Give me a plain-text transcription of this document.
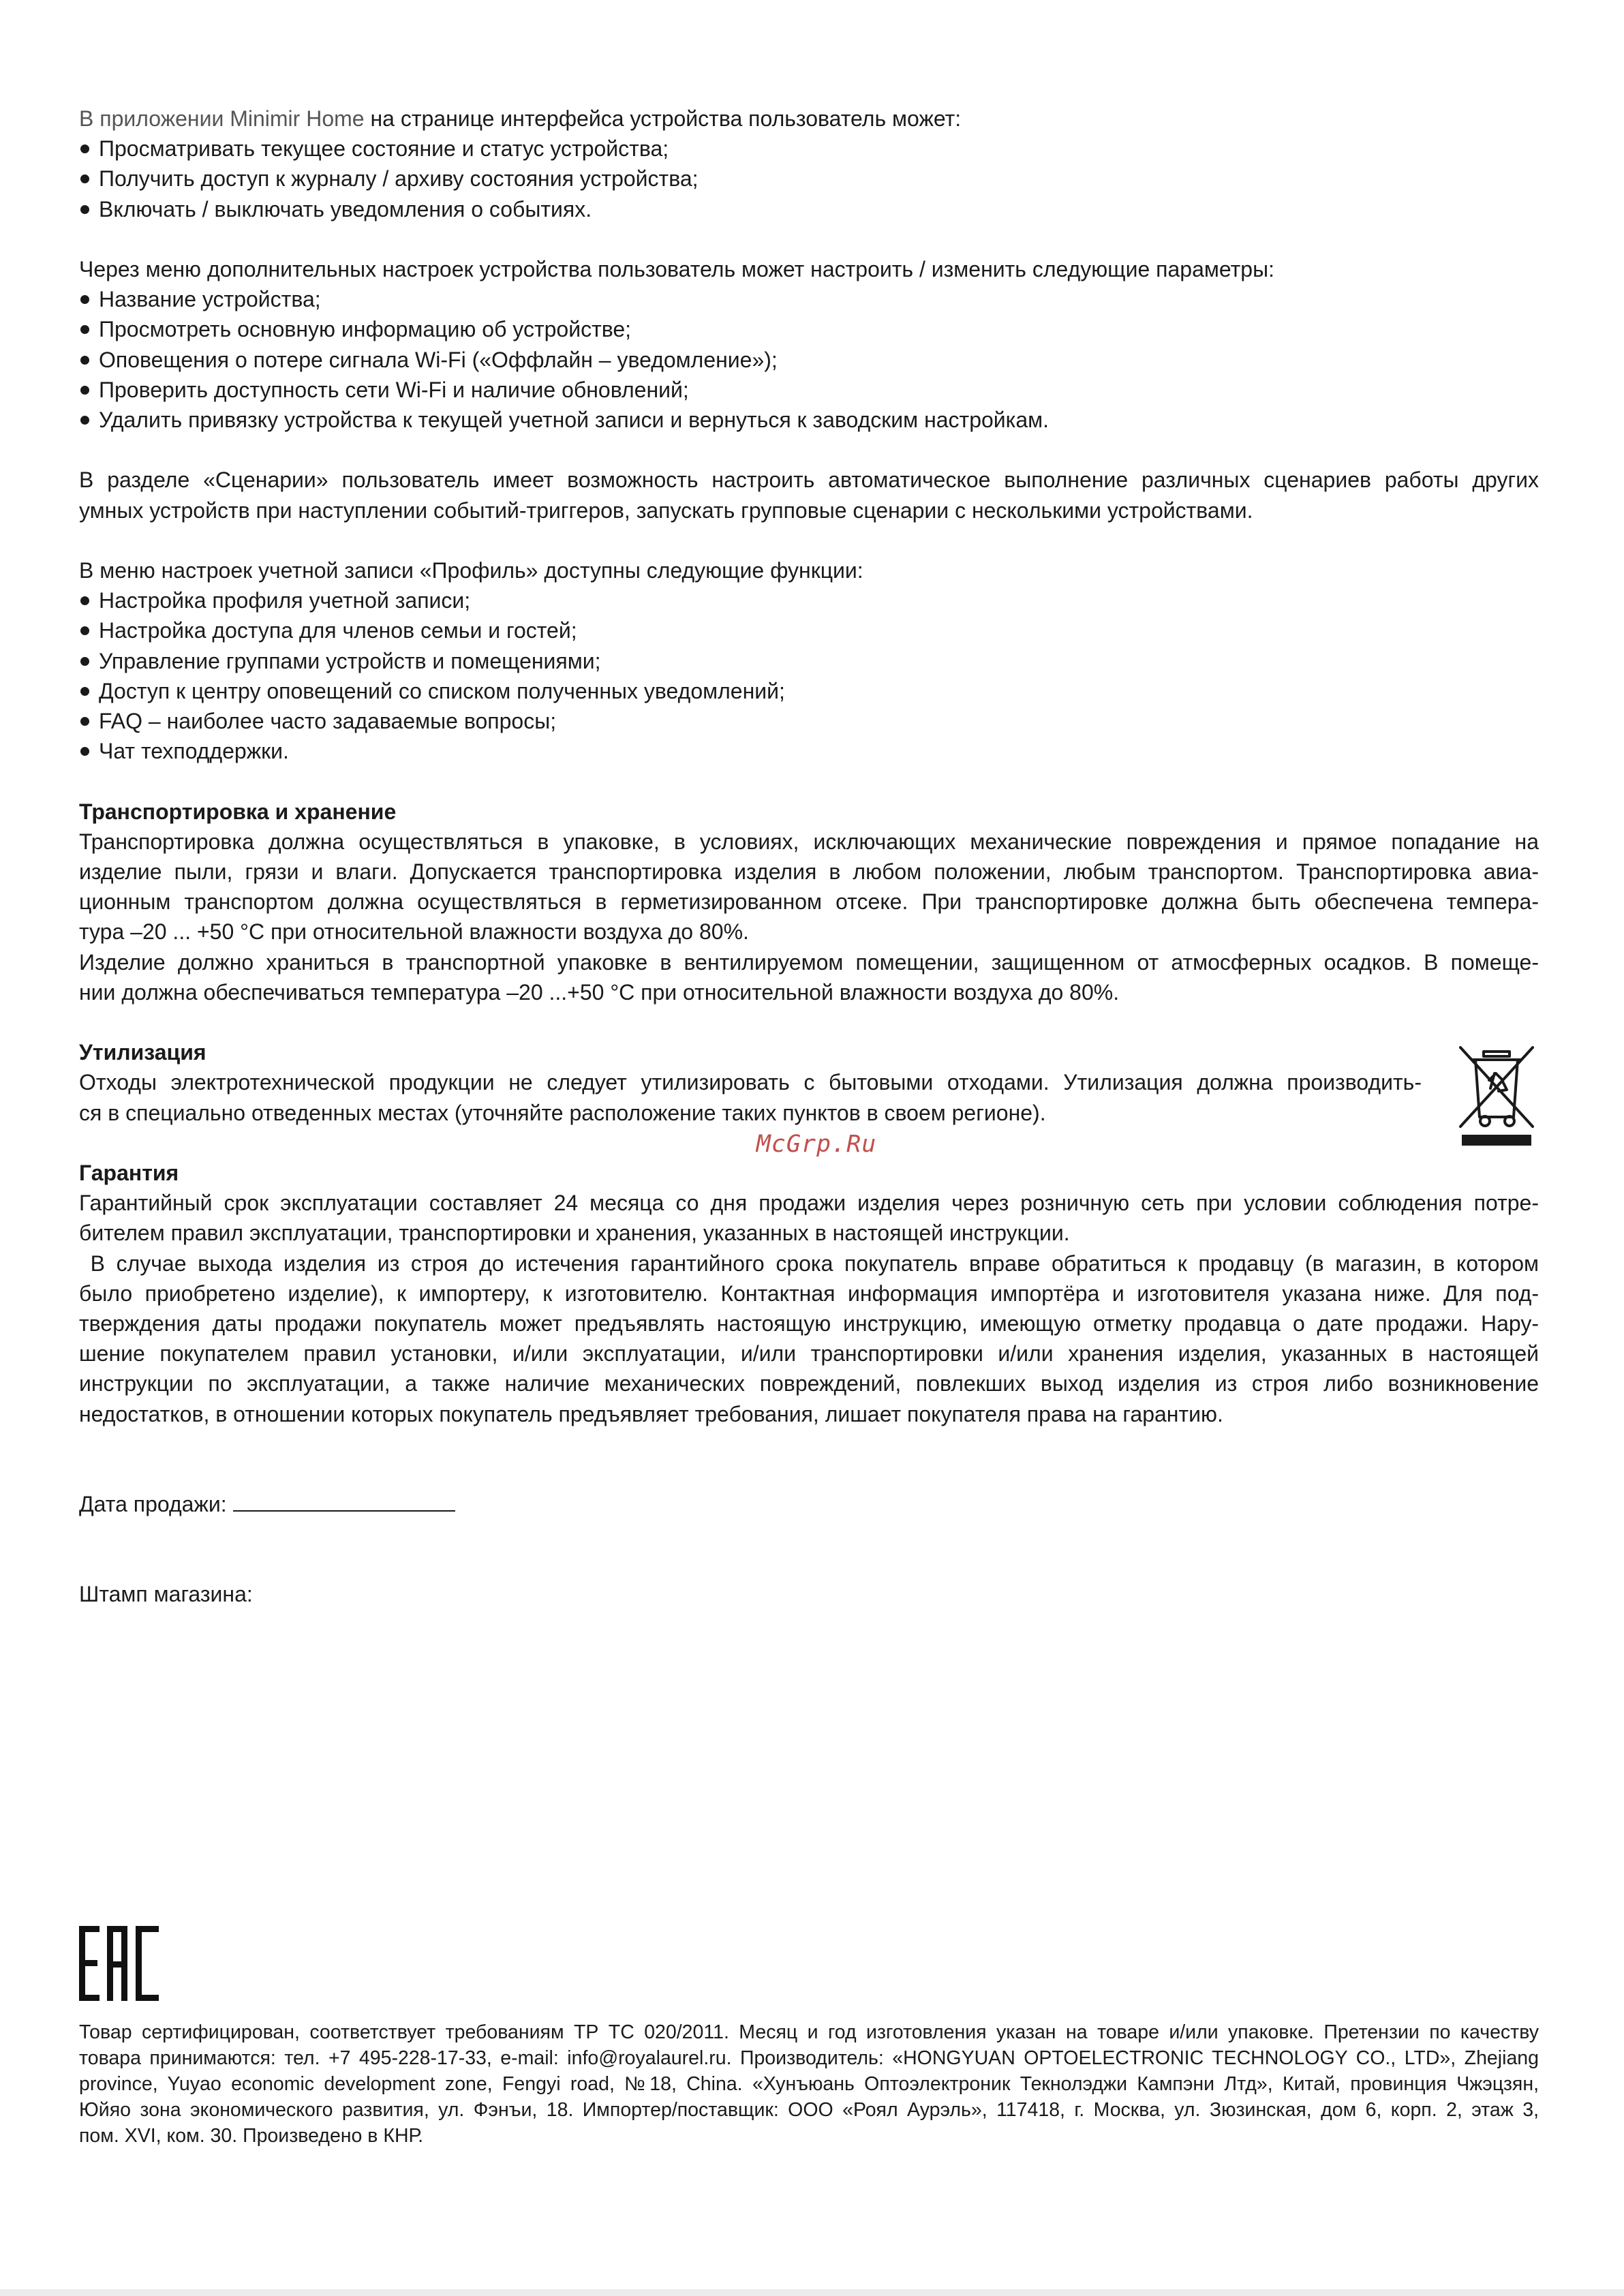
В приложении Minimir Home на странице интерфейса устройства пользователь может:

Просматривать текущее состояние и статус устройства;
Получить доступ к журналу / архиву состояния устройства;
Включать / выключать уведомления о событиях.

Через меню дополнительных настроек устройства пользователь может настроить / изменить следующие параметры:

Название устройства;
Просмотреть основную информацию об устройстве;
Оповещения о потере сигнала Wi-Fi («Оффлайн – уведомление»);
Проверить доступность сети Wi-Fi и наличие обновлений;
Удалить привязку устройства к текущей учетной записи и вернуться к заводским настройкам.

В разделе «Сценарии» пользователь имеет возможность настроить автоматическое выполнение различных сценариев работы других

умных устройств при наступлении событий-триггеров, запускать групповые сценарии с несколькими устройствами.

В меню настроек учетной записи «Профиль» доступны следующие функции:

Настройка профиля учетной записи;
Настройка доступа для членов семьи и гостей;
Управление группами устройств и помещениями;
Доступ к центру оповещений со списком полученных уведомлений;
FAQ – наиболее часто задаваемые вопросы;
Чат техподдержки.
Транспортировка и хранение

Транспортировка должна осуществляться в упаковке, в условиях, исключающих механические повреждения и прямое попадание на

изделие пыли, грязи и влаги. Допускается транспортировка изделия в любом положении, любым транспортом. Транспортировка авиа-

ционным транспортом должна осуществляться в герметизированном отсеке. При транспортировке должна быть обеспечена темпера-

тура –20 ... +50 °C при относительной влажности воздуха до 80%.

Изделие должно храниться в транспортной упаковке в вентилируемом помещении, защищенном от атмосферных осадков. В помеще-

нии должна обеспечиваться температура –20 ...+50 °C при относительной влажности воздуха до 80%.

Утилизация

Отходы электротехнической продукции не следует утилизировать с бытовыми отходами. Утилизация должна производить-

ся в специально отведенных местах (уточняйте расположение таких пунктов в своем регионе).

Гарантия

Гарантийный срок эксплуатации составляет 24 месяца со дня продажи изделия через розничную сеть при условии соблюдения потре-

бителем правил эксплуатации, транспортировки и хранения, указанных в настоящей инструкции.

В случае выхода изделия из строя до истечения гарантийного срока покупатель вправе обратиться к продавцу (в магазин, в котором

было приобретено изделие), к импортеру, к изготовителю. Контактная информация импортёра и изготовителя указана ниже. Для под-

тверждения даты продажи покупатель может предъявлять настоящую инструкцию, имеющую отметку продавца о дате продажи. Нару-

шение покупателем правил установки, и/или эксплуатации, и/или транспортировки и/или хранения изделия, указанных в настоящей

инструкции по эксплуатации, а также наличие механических повреждений, повлекших выход изделия из строя либо возникновение

недостатков, в отношении которых покупатель предъявляет требования, лишает покупателя права на гарантию.

Дата продажи:

Штамп магазина:

McGrp.Ru

Товар сертифицирован, соответствует требованиям ТР ТС 020/2011. Месяц и год изготовления указан на товаре и/или упаковке. Претензии по качеству

товара принимаются: тел. +7 495-228-17-33, e-mail: info@royalaurel.ru. Производитель: «HONGYUAN OPTOELECTRONIC TECHNOLOGY CO., LTD», Zhejiang

province, Yuyao economic development zone, Fengyi road, №18, China. «Хунъюань Оптоэлектроник Текнолэджи Кампэни Лтд», Китай, провинция Чжэцзян,

Юйяо зона экономического развития, ул. Фэнъи, 18. Импортер/поставщик: ООО «Роял Аурэль», 117418, г. Москва, ул. Зюзинская, дом 6, корп. 2, этаж 3,

пом. XVI, ком. 30. Произведено в КНР.
